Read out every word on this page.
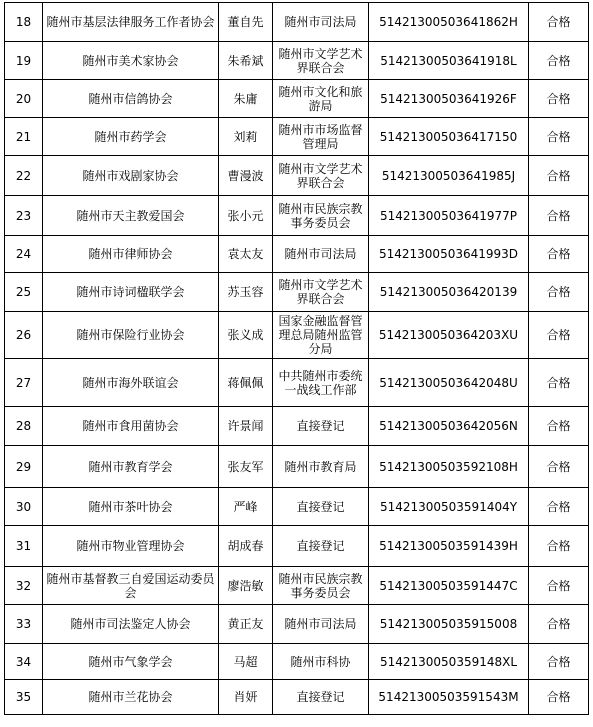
18	随州市基层法律服务工作者协会	董自先	随州市司法局	51421300503641862H	合格
19	随州市美术家协会	朱希斌	随州市文学艺术界联合会	51421300503641918L	合格
20	随州市信鸽协会	朱庸	随州市文化和旅游局	51421300503641926F	合格
21	随州市药学会	刘莉	随州市市场监督管理局	51421300503641715​0	合格
22	随州市戏剧家协会	曹漫波	随州市文学艺术界联合会	51421300503641985J	合格
23	随州市天主教爱国会	张小元	随州市民族宗教事务委员会	51421300503641977P	合格
24	随州市律师协会	袁太友	随州市司法局	51421300503641993D	合格
25	随州市诗词楹联学会	苏玉容	随州市文学艺术界联合会	51421300503642013​9	合格
26	随州市保险行业协会	张义成	国家金融监督管理总局随州监管分局	514213005036420​3XU	合格
27	随州市海外联谊会	蒋佩佩	中共随州市委统一战线工作部	51421300503642048U	合格
28	随州市食用菌协会	许景闻	直接登记	51421300503642056N	合格
29	随州市教育学会	张友军	随州市教育局	51421300503592108H	合格
30	随州市茶叶协会	严峰	直接登记	51421300503591404Y	合格
31	随州市物业管理协会	胡成春	直接登记	51421300503591439H	合格
32	随州市基督教三自爱国运动委员会	廖浩敏	随州市民族宗教事务委员会	51421300503591447C	合格
33	随州市司法鉴定人协会	黄正友	随州市司法局	5142130050359150​08	合格
34	随州市气象学会	马超	随州市科协	5142130050359148XL	合格
35	随州市兰花协会	肖妍	直接登记	51421300503591543M	合格
